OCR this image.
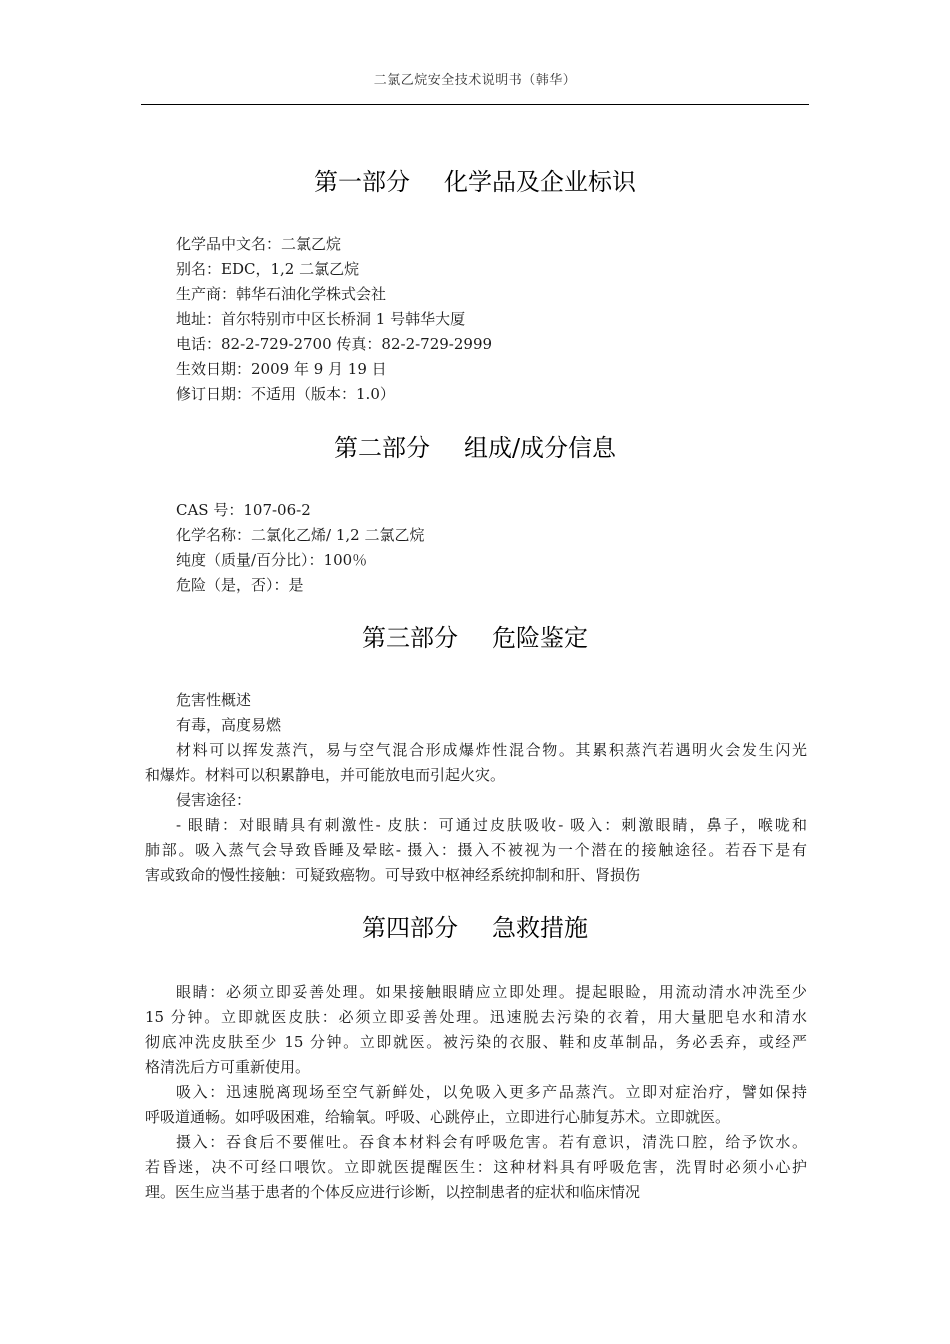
二氯乙烷安全技术说明书（韩华）
第一部分 化学品及企业标识
化学品中文名：二氯乙烷
别名：EDC，1,2 二氯乙烷
生产商：韩华石油化学株式会社
地址：首尔特别市中区长桥洞 1 号韩华大厦
电话：82-2-729-2700 传真：82-2-729-2999
生效日期：2009 年 9 月 19 日
修订日期：不适用（版本：1.0）
第二部分 组成/成分信息
CAS 号：107-06-2
化学名称：二氯化乙烯/ 1,2 二氯乙烷
纯度（质量/百分比）：100％
危险（是，否）：是
第三部分 危险鉴定
危害性概述
有毒，高度易燃
材料可以挥发蒸汽，易与空气混合形成爆炸性混合物。其累积蒸汽若遇明火会发生闪光
和爆炸。材料可以积累静电，并可能放电而引起火灾。
侵害途径：
- 眼睛：对眼睛具有刺激性- 皮肤：可通过皮肤吸收- 吸入：刺激眼睛，鼻子，喉咙和
肺部。吸入蒸气会导致昏睡及晕眩- 摄入：摄入不被视为一个潜在的接触途径。若吞下是有
害或致命的慢性接触：可疑致癌物。可导致中枢神经系统抑制和肝、肾损伤
第四部分 急救措施
眼睛：必须立即妥善处理。如果接触眼睛应立即处理。提起眼睑，用流动清水冲洗至少
15 分钟。立即就医皮肤：必须立即妥善处理。迅速脱去污染的衣着，用大量肥皂水和清水
彻底冲洗皮肤至少 15 分钟。立即就医。被污染的衣服、鞋和皮革制品，务必丢弃，或经严
格清洗后方可重新使用。
吸入：迅速脱离现场至空气新鲜处，以免吸入更多产品蒸汽。立即对症治疗，譬如保持
呼吸道通畅。如呼吸困难，给输氧。呼吸、心跳停止，立即进行心肺复苏术。立即就医。
摄入：吞食后不要催吐。吞食本材料会有呼吸危害。若有意识，清洗口腔，给予饮水。
若昏迷，决不可经口喂饮。立即就医提醒医生：这种材料具有呼吸危害，洗胃时必须小心护
理。医生应当基于患者的个体反应进行诊断，以控制患者的症状和临床情况
